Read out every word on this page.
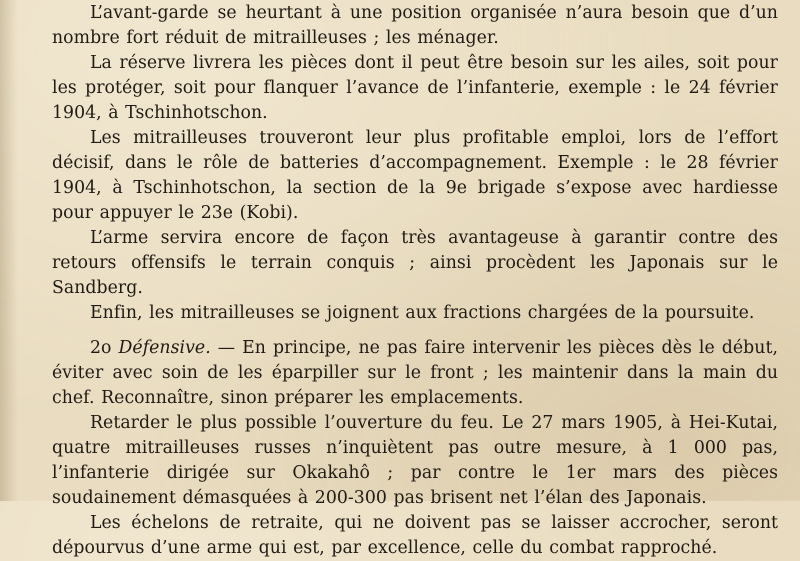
L’avant-garde se heurtant à une position organisée n’aura besoin que d’un nombre fort réduit de mitrailleuses ; les ménager.

La réserve livrera les pièces dont il peut être besoin sur les ailes, soit pour les protéger, soit pour flanquer l’avance de l’infanterie, exemple : le 24 février 1904, à Tschinhotschon.

Les mitrailleuses trouveront leur plus profitable emploi, lors de l’effort décisif, dans le rôle de batteries d’accompagnement. Exemple : le 28 février 1904, à Tschinhotschon, la section de la 9e brigade s’expose avec hardiesse pour appuyer le 23e (Kobi).

L’arme servira encore de façon très avantageuse à garantir contre des retours offensifs le terrain conquis ; ainsi procèdent les Japonais sur le Sandberg.

Enfin, les mitrailleuses se joignent aux fractions chargées de la poursuite.

2o Défensive. — En principe, ne pas faire intervenir les pièces dès le début, éviter avec soin de les éparpiller sur le front ; les maintenir dans la main du chef. Reconnaître, sinon préparer les emplacements.

Retarder le plus possible l’ouverture du feu. Le 27 mars 1905, à Hei-Kutai, quatre mitrailleuses russes n’inquiètent pas outre mesure, à 1 000 pas, l’infanterie dirigée sur Okakahô ; par contre le 1er mars des pièces soudainement démasquées à 200-300 pas brisent net l’élan des Japonais.

Les échelons de retraite, qui ne doivent pas se laisser accrocher, seront dépourvus d’une arme qui est, par excellence, celle du combat rapproché.
